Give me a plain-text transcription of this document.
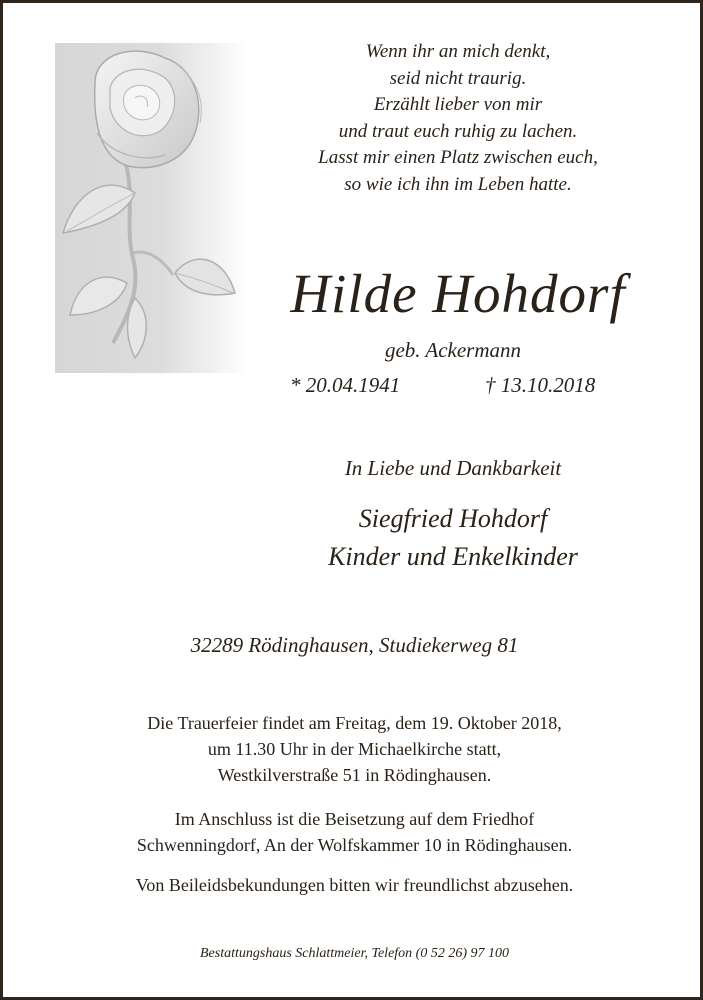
Wenn ihr an mich denkt,
seid nicht traurig.
Erzählt lieber von mir
und traut euch ruhig zu lachen.
Lasst mir einen Platz zwischen euch,
so wie ich ihn im Leben hatte.
Hilde Hohdorf
geb. Ackermann
* 20.04.1941	† 13.10.2018
In Liebe und Dankbarkeit
Siegfried Hohdorf
Kinder und Enkelkinder
32289 Rödinghausen, Studiekerweg 81
Die Trauerfeier findet am Freitag, dem 19. Oktober 2018,
um 11.30 Uhr in der Michaelkirche statt,
Westkilverstraße 51 in Rödinghausen.
Im Anschluss ist die Beisetzung auf dem Friedhof
Schwenningdorf, An der Wolfskammer 10 in Rödinghausen.
Von Beileidsbekundungen bitten wir freundlichst abzusehen.
Bestattungshaus Schlattmeier, Telefon (0 52 26) 97 100
